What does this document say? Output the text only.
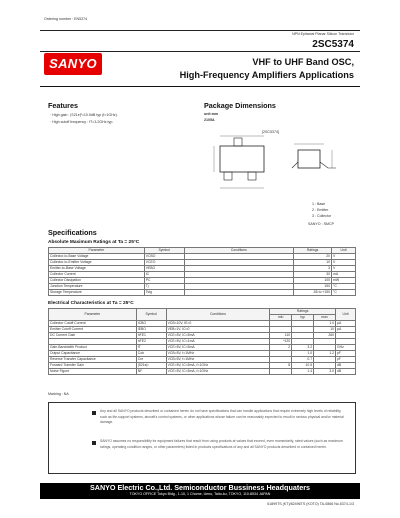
Ordering number : EN5374
NPN Epitaxial Planar Silicon Transistor
2SC5374
SANYO	VHF to UHF Band OSC,
High-Frequency Amplifiers Applications
Features
· High gain : |S21e|²=10.5dB typ (f=1GHz).
· High cutoff frequency : fT=3.2GHz typ.
Package Dimensions
unit:mm
2105A
[2SC5374]
1 : Base
2 : Emitter
3 : Collector
SANYO : SMCP
Specifications
Absolute Maximum Ratings at Ta = 25°C
Parameter	Symbol	Conditions	Ratings	Unit
Collector-to-Base Voltage	VCBO		20	V
Collector-to-Emitter Voltage	VCEO		10	V
Emitter-to-Base Voltage	VEBO		3	V
Collector Current	IC		30	mA
Collector Dissipation	PC		100	mW
Junction Temperature	Tj		150	°C
Storage Temperature	Tstg		-55 to +150	°C
Electrical Characteristics at Ta = 25°C
Parameter	Symbol	Conditions	Ratings			Unit
			min	typ	max	
Collector Cutoff Current	ICBO	VCB=10V, IE=0			1.0	µA
Emitter Cutoff Current	IEBO	VEB=1V, IC=0			10	µA
DC Current Gain	hFE1	VCE=5V, IC=5mA	110		260	
	hFE2	VCE=5V, IC=1mA	*120			
Gain-Bandwidth Product	fT	VCE=5V, IC=5mA	2	3.2		GHz
Output Capacitance	Cob	VCB=5V, f=1MHz		1.0	1.2	pF
Reverse Transfer Capacitance	Cre	VCB=5V, f=1MHz		0.7		pF
Forward Transfer Gain	|S21e|²	VCE=5V, IC=5mA, f=1GHz	8	10.5		dB
Noise Figure	NF	VCE=5V, IC=5mA, f=1GHz		1.4	3.0	dB
Marking : NA
Any and all SANYO products described or contained herein do not have specifications that can handle applications that require extremely high levels of reliability, such as life-support systems, aircraft's control systems, or other applications whose failure can be reasonably expected to result in serious physical and/or material damage.
SANYO assumes no responsibility for equipment failures that result from using products at values that exceed, even momentarily, rated values (such as maximum ratings, operating condition ranges, or other parameters) listed in products specifications of any and all SANYO products described or contained herein.
SANYO Electric Co.,Ltd. Semiconductor Bussiness Headquaters
TOKYO OFFICE Tokyo Bldg., 1-10, 1 Chome, Ueno, Taito-ku, TOKYO, 110-8534 JAPAN
51899TS (KT)/82496TS (KOTO) TA-0866 No.5374-1/3
